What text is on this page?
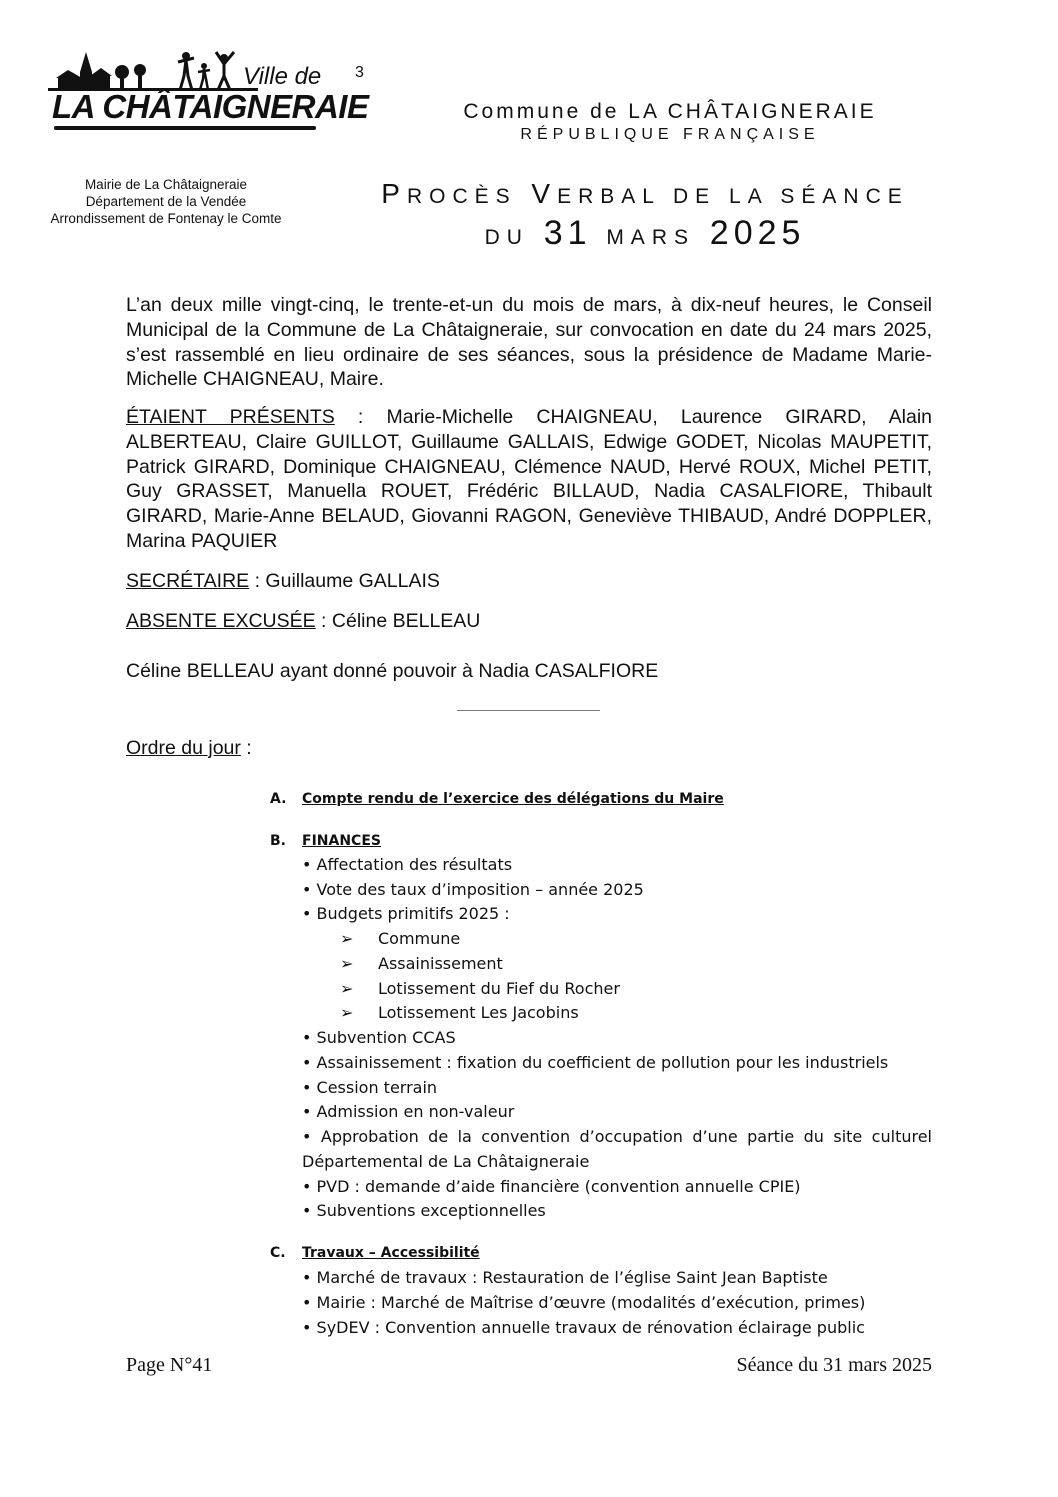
Ville de
LA CHÂTAIGNERAIE
3
Commune de LA CHÂTAIGNERAIE
RÉPUBLIQUE FRANÇAISE
Mairie de La Châtaigneraie
Département de la Vendée
Arrondissement de Fontenay le Comte
PROCÈS VERBAL DE LA SÉANCE
DU 31 MARS 2025
L’an deux mille vingt-cinq, le trente-et-un du mois de mars, à dix-neuf heures, le Conseil Municipal de la Commune de La Châtaigneraie, sur convocation en date du 24 mars 2025, s’est rassemblé en lieu ordinaire de ses séances, sous la présidence de Madame Marie-Michelle CHAIGNEAU, Maire.
ÉTAIENT PRÉSENTS : Marie-Michelle CHAIGNEAU, Laurence GIRARD, Alain ALBERTEAU, Claire GUILLOT, Guillaume GALLAIS, Edwige GODET, Nicolas MAUPETIT, Patrick GIRARD, Dominique CHAIGNEAU, Clémence NAUD, Hervé ROUX, Michel PETIT, Guy GRASSET, Manuella ROUET, Frédéric BILLAUD, Nadia CASALFIORE, Thibault GIRARD, Marie-Anne BELAUD, Giovanni RAGON, Geneviève THIBAUD, André DOPPLER, Marina PAQUIER
SECRÉTAIRE : Guillaume GALLAIS
ABSENTE EXCUSÉE : Céline BELLEAU
Céline BELLEAU ayant donné pouvoir à Nadia CASALFIORE
Ordre du jour :
A. Compte rendu de l’exercice des délégations du Maire
B. FINANCES
• Affectation des résultats
• Vote des taux d’imposition – année 2025
• Budgets primitifs 2025 :
➢ Commune
➢ Assainissement
➢ Lotissement du Fief du Rocher
➢ Lotissement Les Jacobins
• Subvention CCAS
• Assainissement : fixation du coefficient de pollution pour les industriels
• Cession terrain
• Admission en non-valeur
• Approbation de la convention d’occupation d’une partie du site culturel Départemental de La Châtaigneraie
• PVD : demande d’aide financière (convention annuelle CPIE)
• Subventions exceptionnelles
C. Travaux – Accessibilité
• Marché de travaux : Restauration de l’église Saint Jean Baptiste
• Mairie : Marché de Maîtrise d’œuvre (modalités d’exécution, primes)
• SyDEV : Convention annuelle travaux de rénovation éclairage public
Page N°41	Séance du 31 mars 2025
